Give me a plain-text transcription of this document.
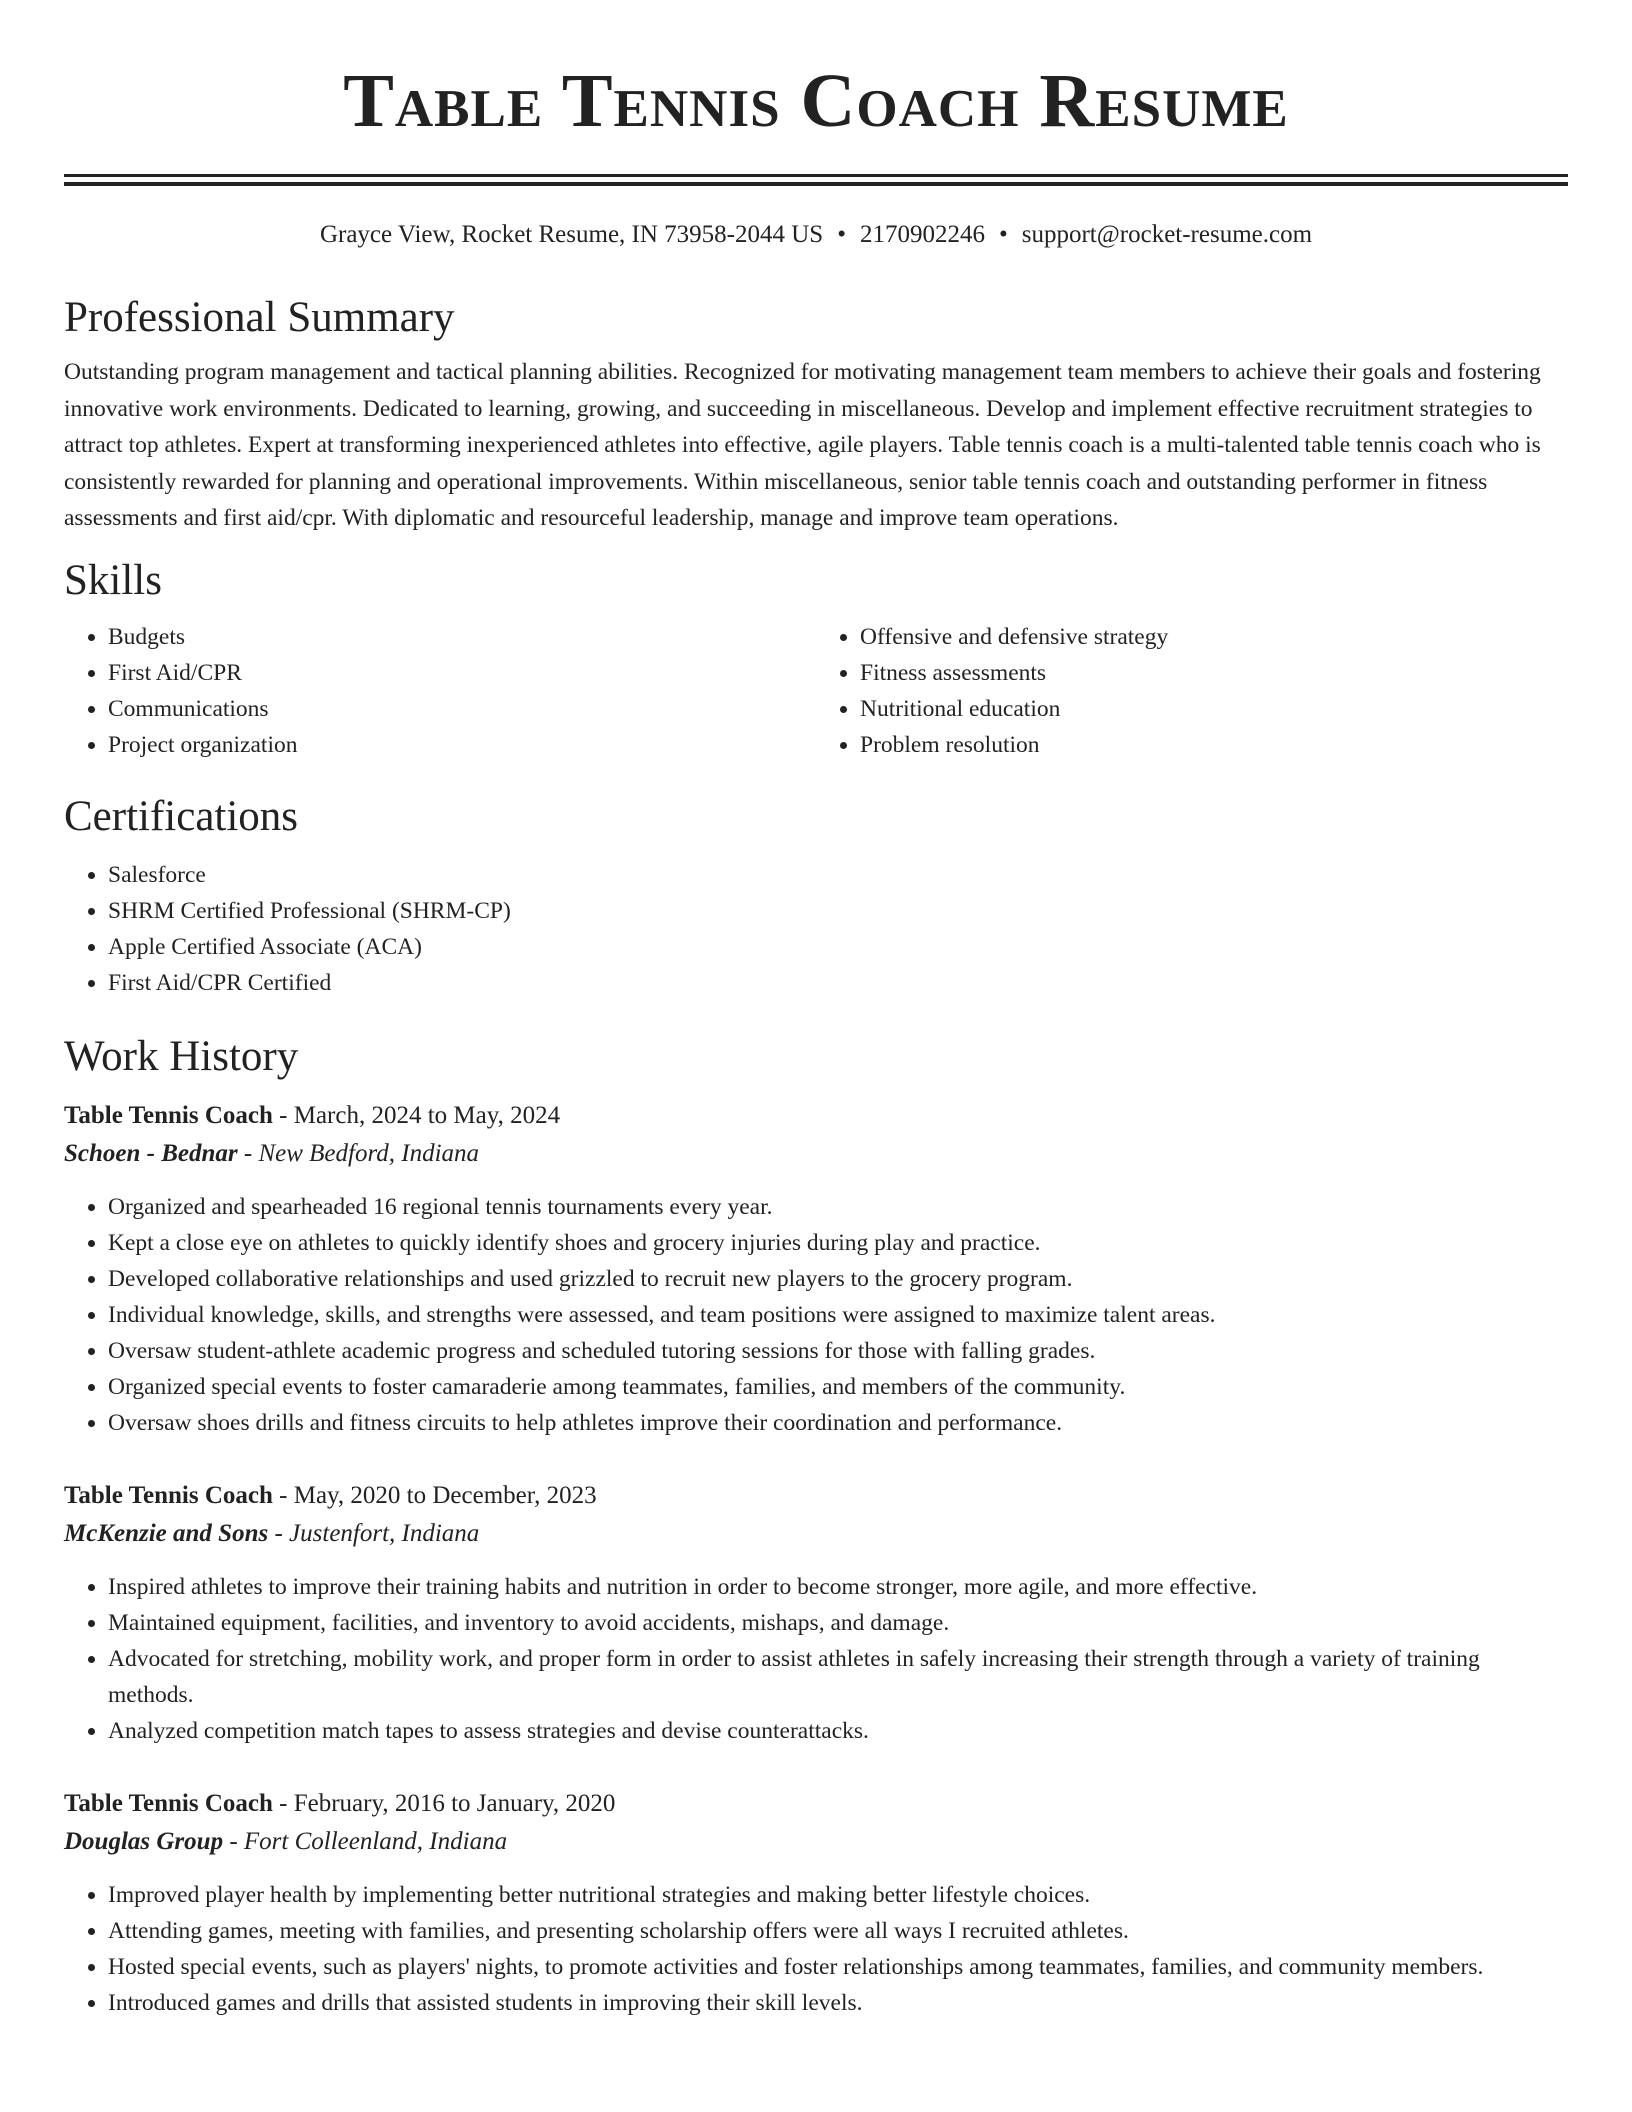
Table Tennis Coach Resume
Grayce View, Rocket Resume, IN 73958-2044 US • 2170902246 • support@rocket-resume.com
Professional Summary
Outstanding program management and tactical planning abilities. Recognized for motivating management team members to achieve their goals and fostering innovative work environments. Dedicated to learning, growing, and succeeding in miscellaneous. Develop and implement effective recruitment strategies to attract top athletes. Expert at transforming inexperienced athletes into effective, agile players. Table tennis coach is a multi-talented table tennis coach who is consistently rewarded for planning and operational improvements. Within miscellaneous, senior table tennis coach and outstanding performer in fitness assessments and first aid/cpr. With diplomatic and resourceful leadership, manage and improve team operations.
Skills
• Budgets
• First Aid/CPR
• Communications
• Project organization
• Offensive and defensive strategy
• Fitness assessments
• Nutritional education
• Problem resolution
Certifications
• Salesforce
• SHRM Certified Professional (SHRM-CP)
• Apple Certified Associate (ACA)
• First Aid/CPR Certified
Work History
Table Tennis Coach - March, 2024 to May, 2024
Schoen - Bednar - New Bedford, Indiana
• Organized and spearheaded 16 regional tennis tournaments every year.
• Kept a close eye on athletes to quickly identify shoes and grocery injuries during play and practice.
• Developed collaborative relationships and used grizzled to recruit new players to the grocery program.
• Individual knowledge, skills, and strengths were assessed, and team positions were assigned to maximize talent areas.
• Oversaw student-athlete academic progress and scheduled tutoring sessions for those with falling grades.
• Organized special events to foster camaraderie among teammates, families, and members of the community.
• Oversaw shoes drills and fitness circuits to help athletes improve their coordination and performance.
Table Tennis Coach - May, 2020 to December, 2023
McKenzie and Sons - Justenfort, Indiana
• Inspired athletes to improve their training habits and nutrition in order to become stronger, more agile, and more effective.
• Maintained equipment, facilities, and inventory to avoid accidents, mishaps, and damage.
• Advocated for stretching, mobility work, and proper form in order to assist athletes in safely increasing their strength through a variety of training methods.
• Analyzed competition match tapes to assess strategies and devise counterattacks.
Table Tennis Coach - February, 2016 to January, 2020
Douglas Group - Fort Colleenland, Indiana
• Improved player health by implementing better nutritional strategies and making better lifestyle choices.
• Attending games, meeting with families, and presenting scholarship offers were all ways I recruited athletes.
• Hosted special events, such as players' nights, to promote activities and foster relationships among teammates, families, and community members.
• Introduced games and drills that assisted students in improving their skill levels.
